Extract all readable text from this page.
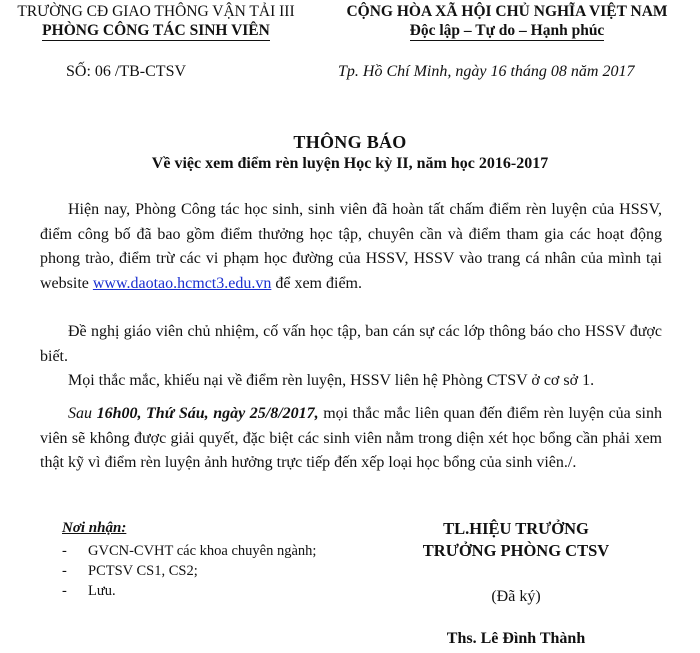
TRƯỜNG CĐ GIAO THÔNG VẬN TẢI III
PHÒNG CÔNG TÁC SINH VIÊN
CỘNG HÒA XÃ HỘI CHỦ NGHĨA VIỆT NAM
Độc lập – Tự do – Hạnh phúc
SỐ: 06 /TB-CTSV	Tp. Hồ Chí Minh, ngày 16 tháng 08 năm 2017
THÔNG BÁO
Về việc xem điểm rèn luyện Học kỳ II, năm học 2016-2017
Hiện nay, Phòng Công tác học sinh, sinh viên đã hoàn tất chấm điểm rèn luyện của HSSV, điểm công bố đã bao gồm điểm thưởng học tập, chuyên cần và điểm tham gia các hoạt động phong trào, điểm trừ các vi phạm học đường của HSSV, HSSV vào trang cá nhân của mình tại website www.daotao.hcmct3.edu.vn để xem điểm.
Đề nghị giáo viên chủ nhiệm, cố vấn học tập, ban cán sự các lớp thông báo cho HSSV được biết.
Mọi thắc mắc, khiếu nại về điểm rèn luyện, HSSV liên hệ Phòng CTSV ở cơ sở 1.
Sau 16h00, Thứ Sáu, ngày 25/8/2017, mọi thắc mắc liên quan đến điểm rèn luyện của sinh viên sẽ không được giải quyết, đặc biệt các sinh viên nằm trong diện xét học bổng cần phải xem thật kỹ vì điểm rèn luyện ảnh hưởng trực tiếp đến xếp loại học bổng của sinh viên./.
Nơi nhận:
- GVCN-CVHT các khoa chuyên ngành;
- PCTSV CS1, CS2;
- Lưu.
TL.HIỆU TRƯỞNG
TRƯỞNG PHÒNG CTSV
(Đã ký)
Ths. Lê Đình Thành
